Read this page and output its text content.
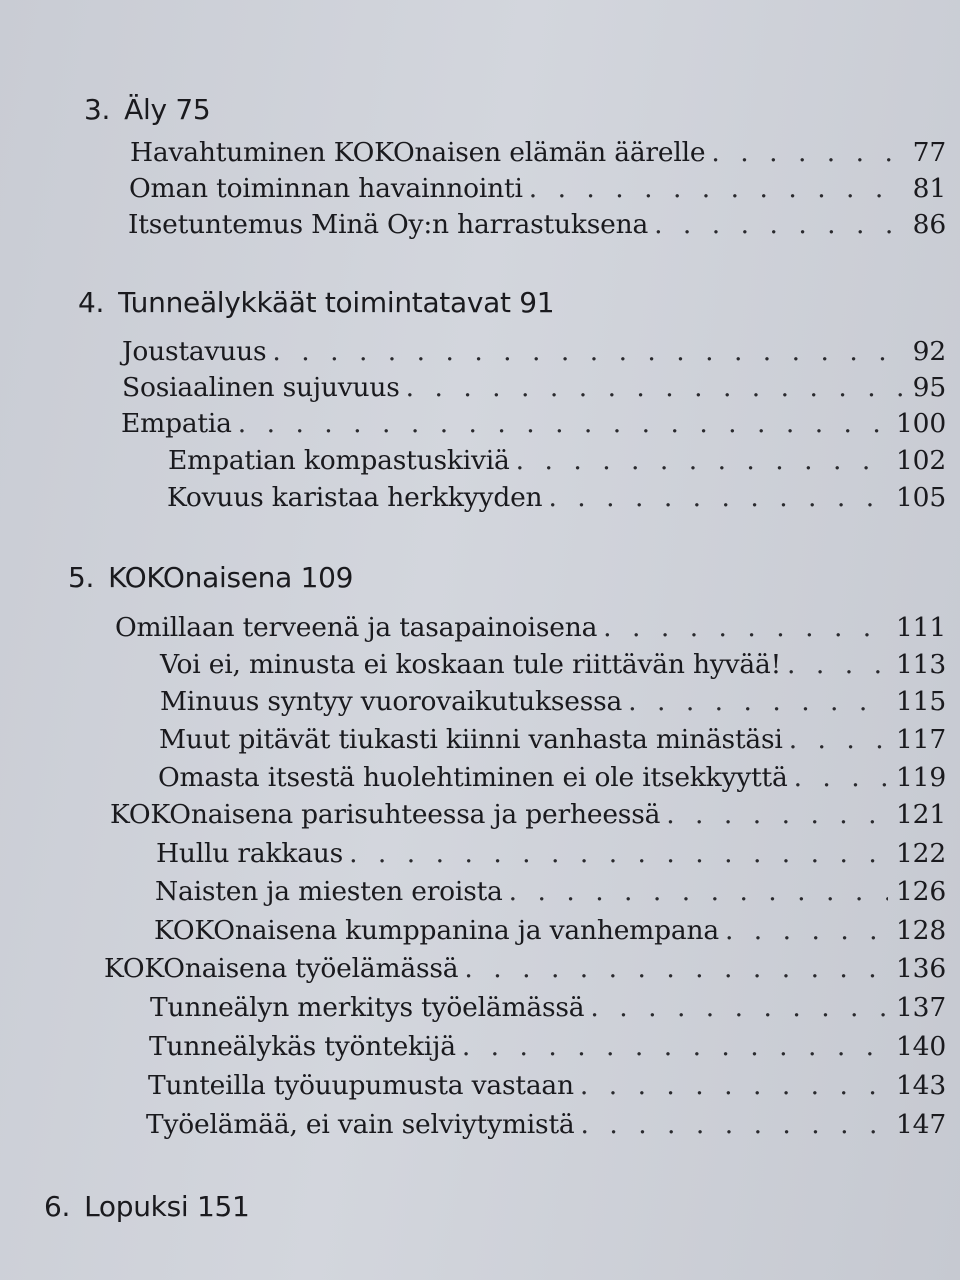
3. Äly 75
Havahtuminen KOKOnaisen elämän äärelle . . .	77
Oman toiminnan havainnointi . . .	81
Itsetuntemus Minä Oy:n harrastuksena . . .	86
4. Tunneälykkäät toimintatavat 91
Joustavuus . . .	92
Sosiaalinen sujuvuus . . .	95
Empatia . . .	100
Empatian kompastuskiviä . . .	102
Kovuus karistaa herkkyyden . . .	105
5. KOKOnaisena 109
Omillaan terveenä ja tasapainoisena . . .	111
Voi ei, minusta ei koskaan tule riittävän hyvää! . . .	113
Minuus syntyy vuorovaikutuksessa . . .	115
Muut pitävät tiukasti kiinni vanhasta minästäsi . . .	117
Omasta itsestä huolehtiminen ei ole itsekkyyttä . . .	119
KOKOnaisena parisuhteessa ja perheessä . . .	121
Hullu rakkaus . . .	122
Naisten ja miesten eroista . . .	126
KOKOnaisena kumppanina ja vanhempana . . .	128
KOKOnaisena työelämässä . . .	136
Tunneälyn merkitys työelämässä . . .	137
Tunneälykäs työntekijä . . .	140
Tunteilla työuupumusta vastaan . . .	143
Työelämää, ei vain selviytymistä . . .	147
6. Lopuksi 151
